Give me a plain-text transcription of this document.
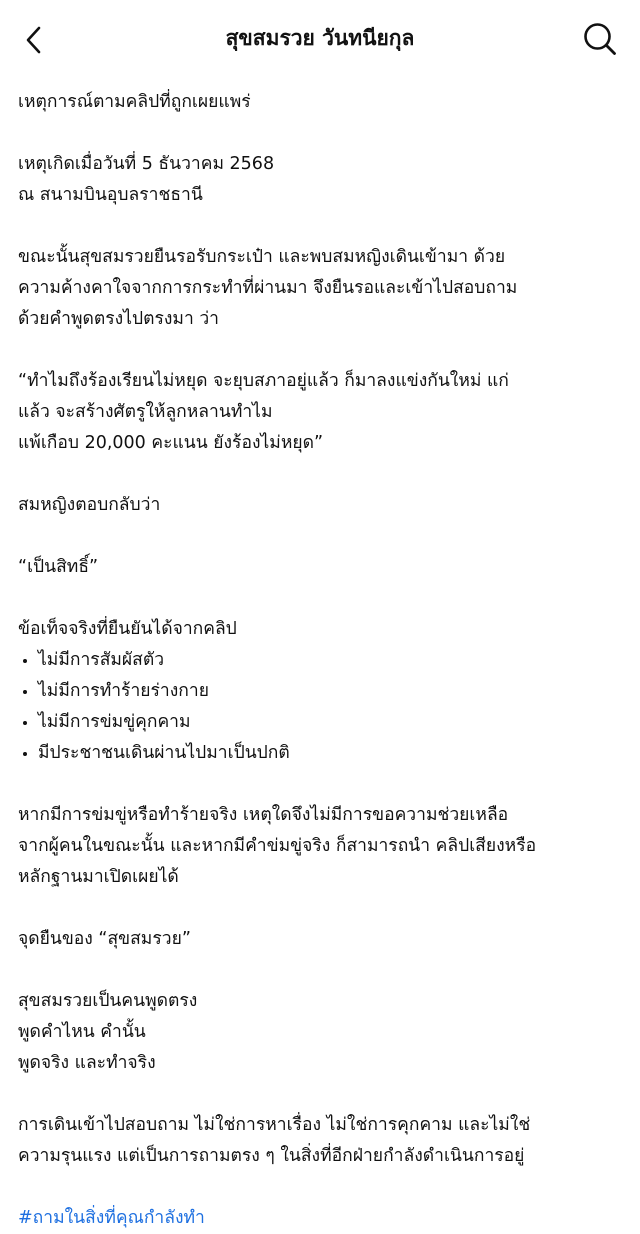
สุขสมรวย วันทนียกุล

เหตุการณ์ตามคลิปที่ถูกเผยแพร่

เหตุเกิดเมื่อวันที่ 5 ธันวาคม 2568

ณ สนามบินอุบลราชธานี

ขณะนั้นสุขสมรวยยืนรอรับกระเป๋า และพบสมหญิงเดินเข้ามา ด้วย

ความค้างคาใจจากการกระทำที่ผ่านมา จึงยืนรอและเข้าไปสอบถาม

ด้วยคำพูดตรงไปตรงมา ว่า

“ทำไมถึงร้องเรียนไม่หยุด จะยุบสภาอยู่แล้ว ก็มาลงแข่งกันใหม่ แก่

แล้ว จะสร้างศัตรูให้ลูกหลานทำไม

แพ้เกือบ 20,000 คะแนน ยังร้องไม่หยุด”

สมหญิงตอบกลับว่า

“เป็นสิทธิ์”

ข้อเท็จจริงที่ยืนยันได้จากคลิป

ไม่มีการสัมผัสตัว
ไม่มีการทำร้ายร่างกาย
ไม่มีการข่มขู่คุกคาม
มีประชาชนเดินผ่านไปมาเป็นปกติ

หากมีการข่มขู่หรือทำร้ายจริง เหตุใดจึงไม่มีการขอความช่วยเหลือ

จากผู้คนในขณะนั้น และหากมีคำข่มขู่จริง ก็สามารถนำ คลิปเสียงหรือ

หลักฐานมาเปิดเผยได้

จุดยืนของ “สุขสมรวย”

สุขสมรวยเป็นคนพูดตรง

พูดคำไหน คำนั้น

พูดจริง และทำจริง

การเดินเข้าไปสอบถาม ไม่ใช่การหาเรื่อง ไม่ใช่การคุกคาม และไม่ใช่

ความรุนแรง แต่เป็นการถามตรง ๆ ในสิ่งที่อีกฝ่ายกำลังดำเนินการอยู่

#ถามในสิ่งที่คุณกำลังทำ
